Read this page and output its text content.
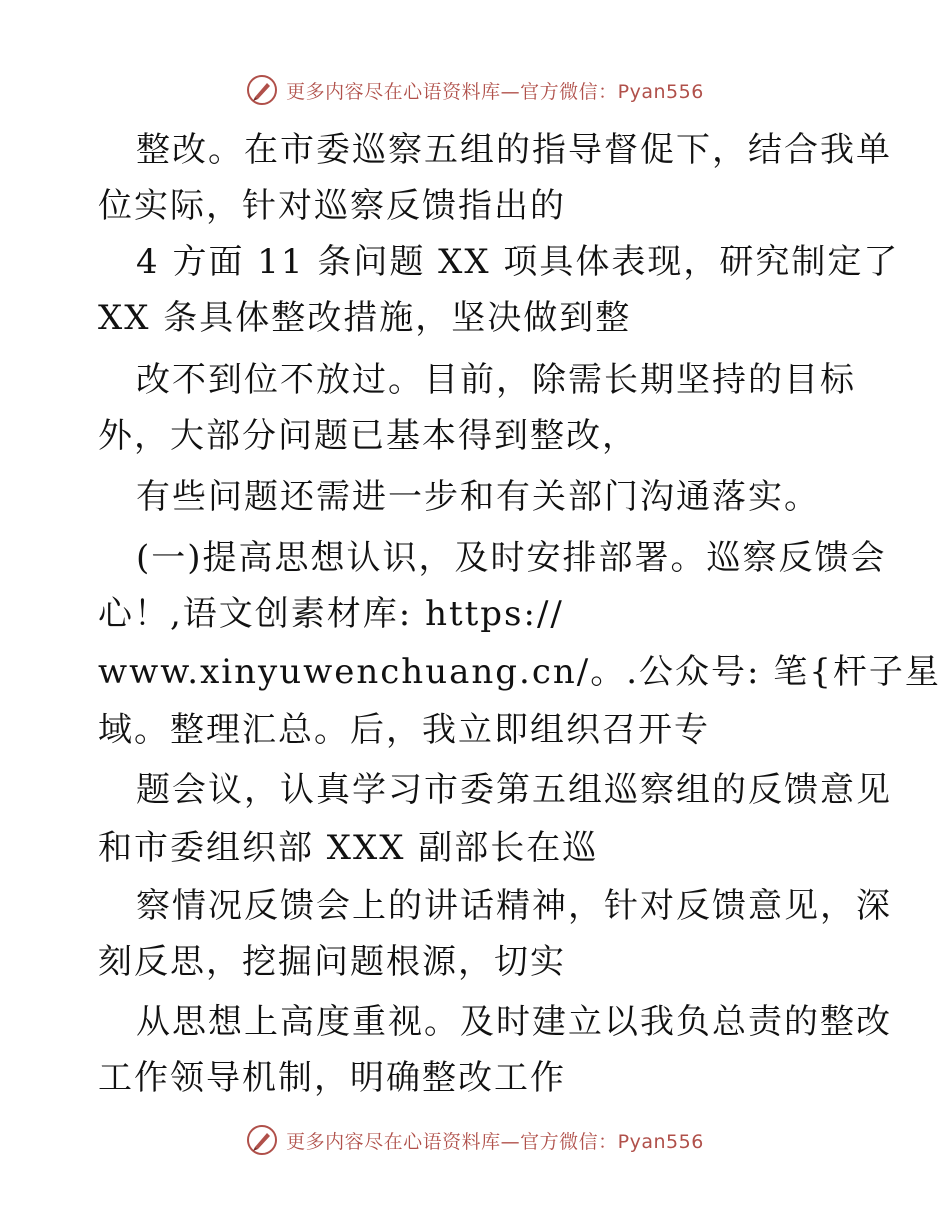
更多内容尽在心语资料库—官方微信：Pyan556
整改。在市委巡察五组的指导督促下，结合我单
位实际，针对巡察反馈指出的
4 方面 11 条问题 XX 项具体表现，研究制定了
XX 条具体整改措施，坚决做到整
改不到位不放过。目前，除需长期坚持的目标
外，大部分问题已基本得到整改，
有些问题还需进一步和有关部门沟通落实。
(一)提高思想认识，及时安排部署。巡察反馈会
心！,语文创素材库: https://
www.xinyuwenchuang.cn/。.公众号: 笔{杆子星
域。整理汇总。后，我立即组织召开专
题会议，认真学习市委第五组巡察组的反馈意见
和市委组织部 XXX 副部长在巡
察情况反馈会上的讲话精神，针对反馈意见，深
刻反思，挖掘问题根源，切实
从思想上高度重视。及时建立以我负总责的整改
工作领导机制，明确整改工作
更多内容尽在心语资料库—官方微信：Pyan556
